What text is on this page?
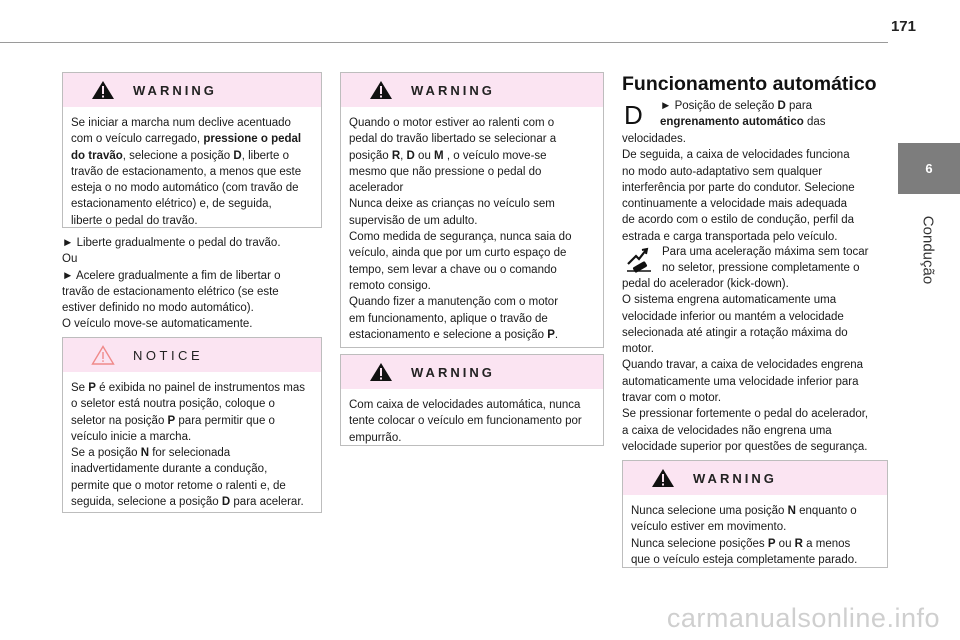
171
6
Condução
WARNING
Se iniciar a marcha num declive acentuado
com o veículo carregado, pressione o pedal
do travão, selecione a posição D, liberte o
travão de estacionamento, a menos que este
esteja o no modo automático (com travão de
estacionamento elétrico) e, de seguida,
liberte o pedal do travão.
► Liberte gradualmente o pedal do travão.
Ou
► Acelere gradualmente a fim de libertar o
travão de estacionamento elétrico (se este
estiver definido no modo automático).
O veículo move-se automaticamente.
NOTICE
Se P é exibida no painel de instrumentos mas
o seletor está noutra posição, coloque o
seletor na posição P para permitir que o
veículo inicie a marcha.
Se a posição N for selecionada
inadvertidamente durante a condução,
permite que o motor retome o ralenti e, de
seguida, selecione a posição D para acelerar.
WARNING
Quando o motor estiver ao ralenti com o
pedal do travão libertado se selecionar a
posição R, D ou M , o veículo move-se
mesmo que não pressione o pedal do
acelerador
Nunca deixe as crianças no veículo sem
supervisão de um adulto.
Como medida de segurança, nunca saia do
veículo, ainda que por um curto espaço de
tempo, sem levar a chave ou o comando
remoto consigo.
Quando fizer a manutenção com o motor
em funcionamento, aplique o travão de
estacionamento e selecione a posição P.
WARNING
Com caixa de velocidades automática, nunca
tente colocar o veículo em funcionamento por
empurrão.
Funcionamento automático
D ► Posição de seleção D para
engrenamento automático das
velocidades.
De seguida, a caixa de velocidades funciona
no modo auto-adaptativo sem qualquer
interferência por parte do condutor. Selecione
continuamente a velocidade mais adequada
de acordo com o estilo de condução, perfil da
estrada e carga transportada pelo veículo.
Para uma aceleração máxima sem tocar
no seletor, pressione completamente o
pedal do acelerador (kick-down).
O sistema engrena automaticamente uma
velocidade inferior ou mantém a velocidade
selecionada até atingir a rotação máxima do
motor.
Quando travar, a caixa de velocidades engrena
automaticamente uma velocidade inferior para
travar com o motor.
Se pressionar fortemente o pedal do acelerador,
a caixa de velocidades não engrena uma
velocidade superior por questões de segurança.
WARNING
Nunca selecione uma posição N enquanto o
veículo estiver em movimento.
Nunca selecione posições P ou R a menos
que o veículo esteja completamente parado.
carmanualsonline.info
